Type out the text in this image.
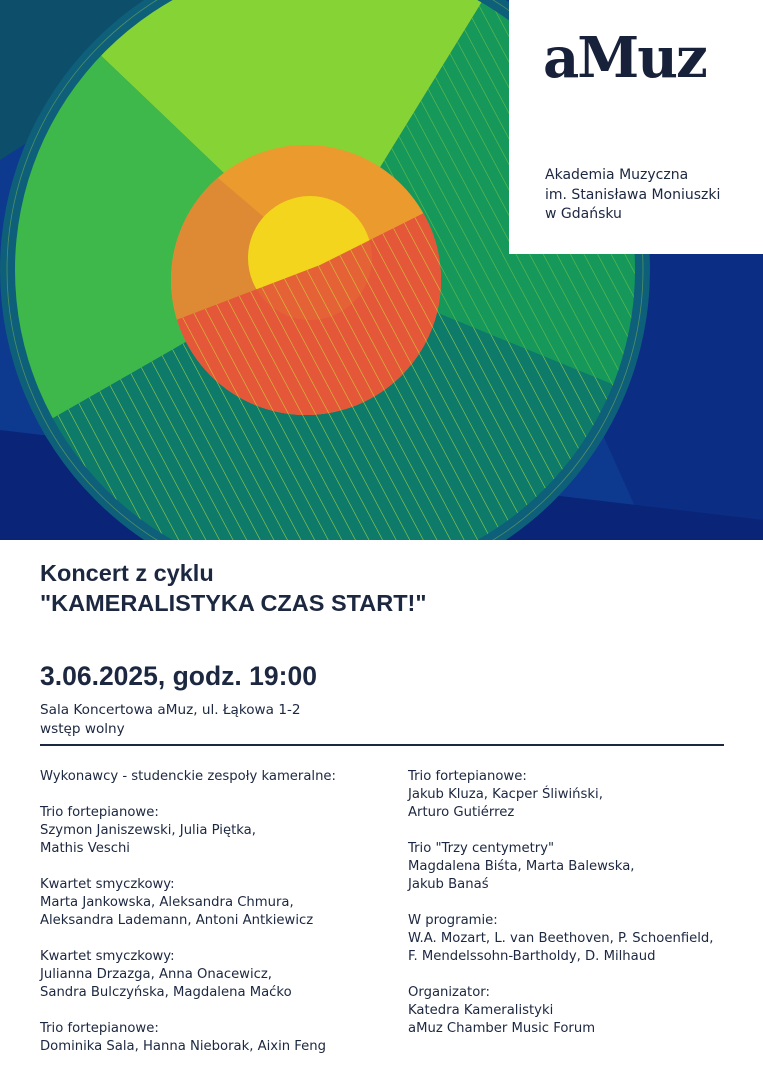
aMuz
Akademia Muzyczna
im. Stanisława Moniuszki
w Gdańsku
Koncert z cyklu
"KAMERALISTYKA CZAS START!"
3.06.2025, godz. 19:00
Sala Koncertowa aMuz, ul. Łąkowa 1-2
wstęp wolny
Wykonawcy - studenckie zespoły kameralne:
Trio fortepianowe:
Szymon Janiszewski, Julia Piętka,
Mathis Veschi
Kwartet smyczkowy:
Marta Jankowska, Aleksandra Chmura,
Aleksandra Lademann, Antoni Antkiewicz
Kwartet smyczkowy:
Julianna Drzazga, Anna Onacewicz,
Sandra Bulczyńska, Magdalena Maćko
Trio fortepianowe:
Dominika Sala, Hanna Nieborak, Aixin Feng
Trio fortepianowe:
Jakub Kluza, Kacper Śliwiński,
Arturo Gutiérrez
Trio "Trzy centymetry"
Magdalena Biśta, Marta Balewska,
Jakub Banaś
W programie:
W.A. Mozart, L. van Beethoven, P. Schoenfield,
F. Mendelssohn-Bartholdy, D. Milhaud
Organizator:
Katedra Kameralistyki
aMuz Chamber Music Forum
